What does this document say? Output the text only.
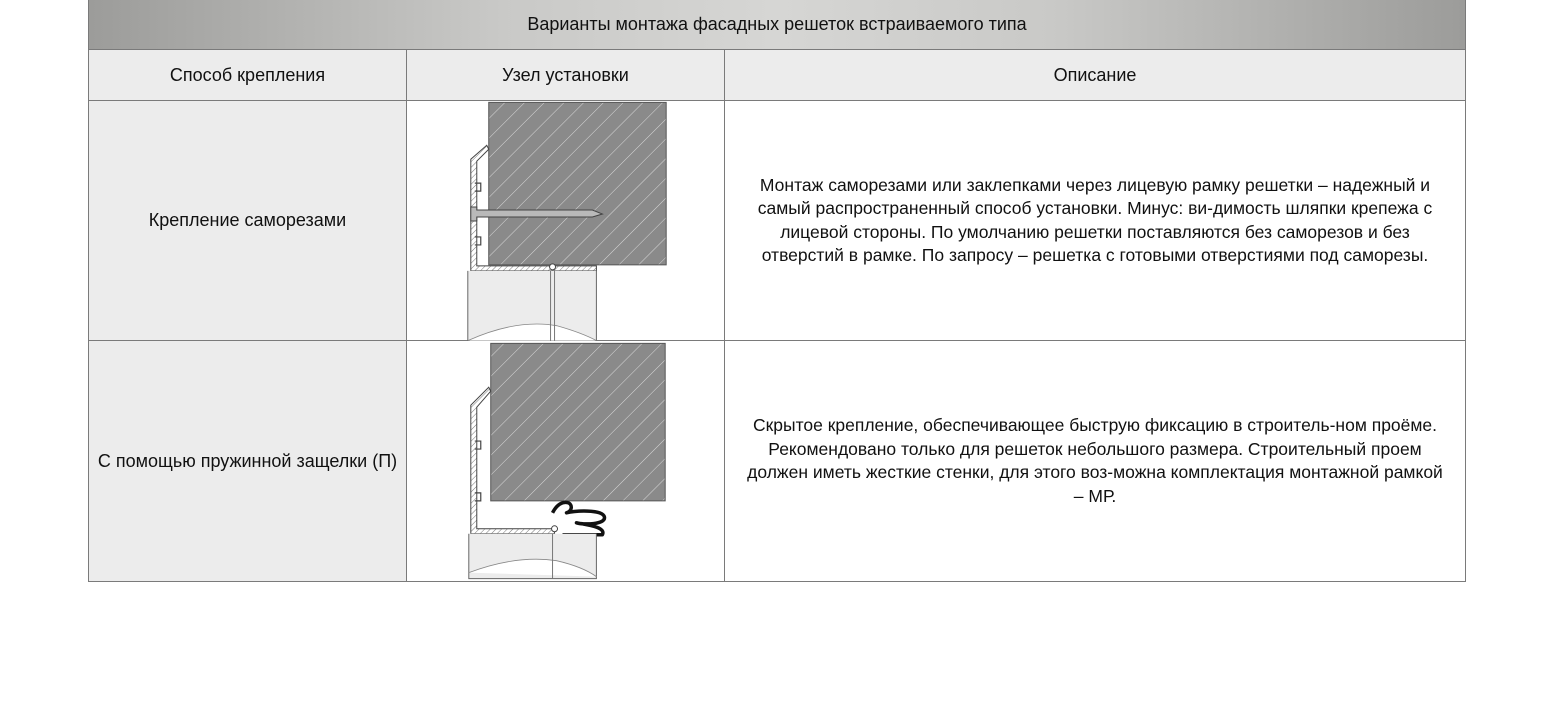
Варианты монтажа фасадных решеток встраиваемого типа
Способ крепления	Узел установки	Описание
Крепление саморезами
Монтаж саморезами или заклепками через лицевую рамку решетки – надежный и самый распространенный способ установки. Минус: ви-димость шляпки крепежа с лицевой стороны. По умолчанию решетки поставляются без саморезов и без отверстий в рамке. По запросу – решетка с готовыми отверстиями под саморезы.
С помощью пружинной защелки (П)
Скрытое крепление, обеспечивающее быструю фиксацию в строитель-ном проёме. Рекомендовано только для решеток небольшого размера. Строительный проем должен иметь жесткие стенки, для этого воз-можна комплектация монтажной рамкой – МР.
